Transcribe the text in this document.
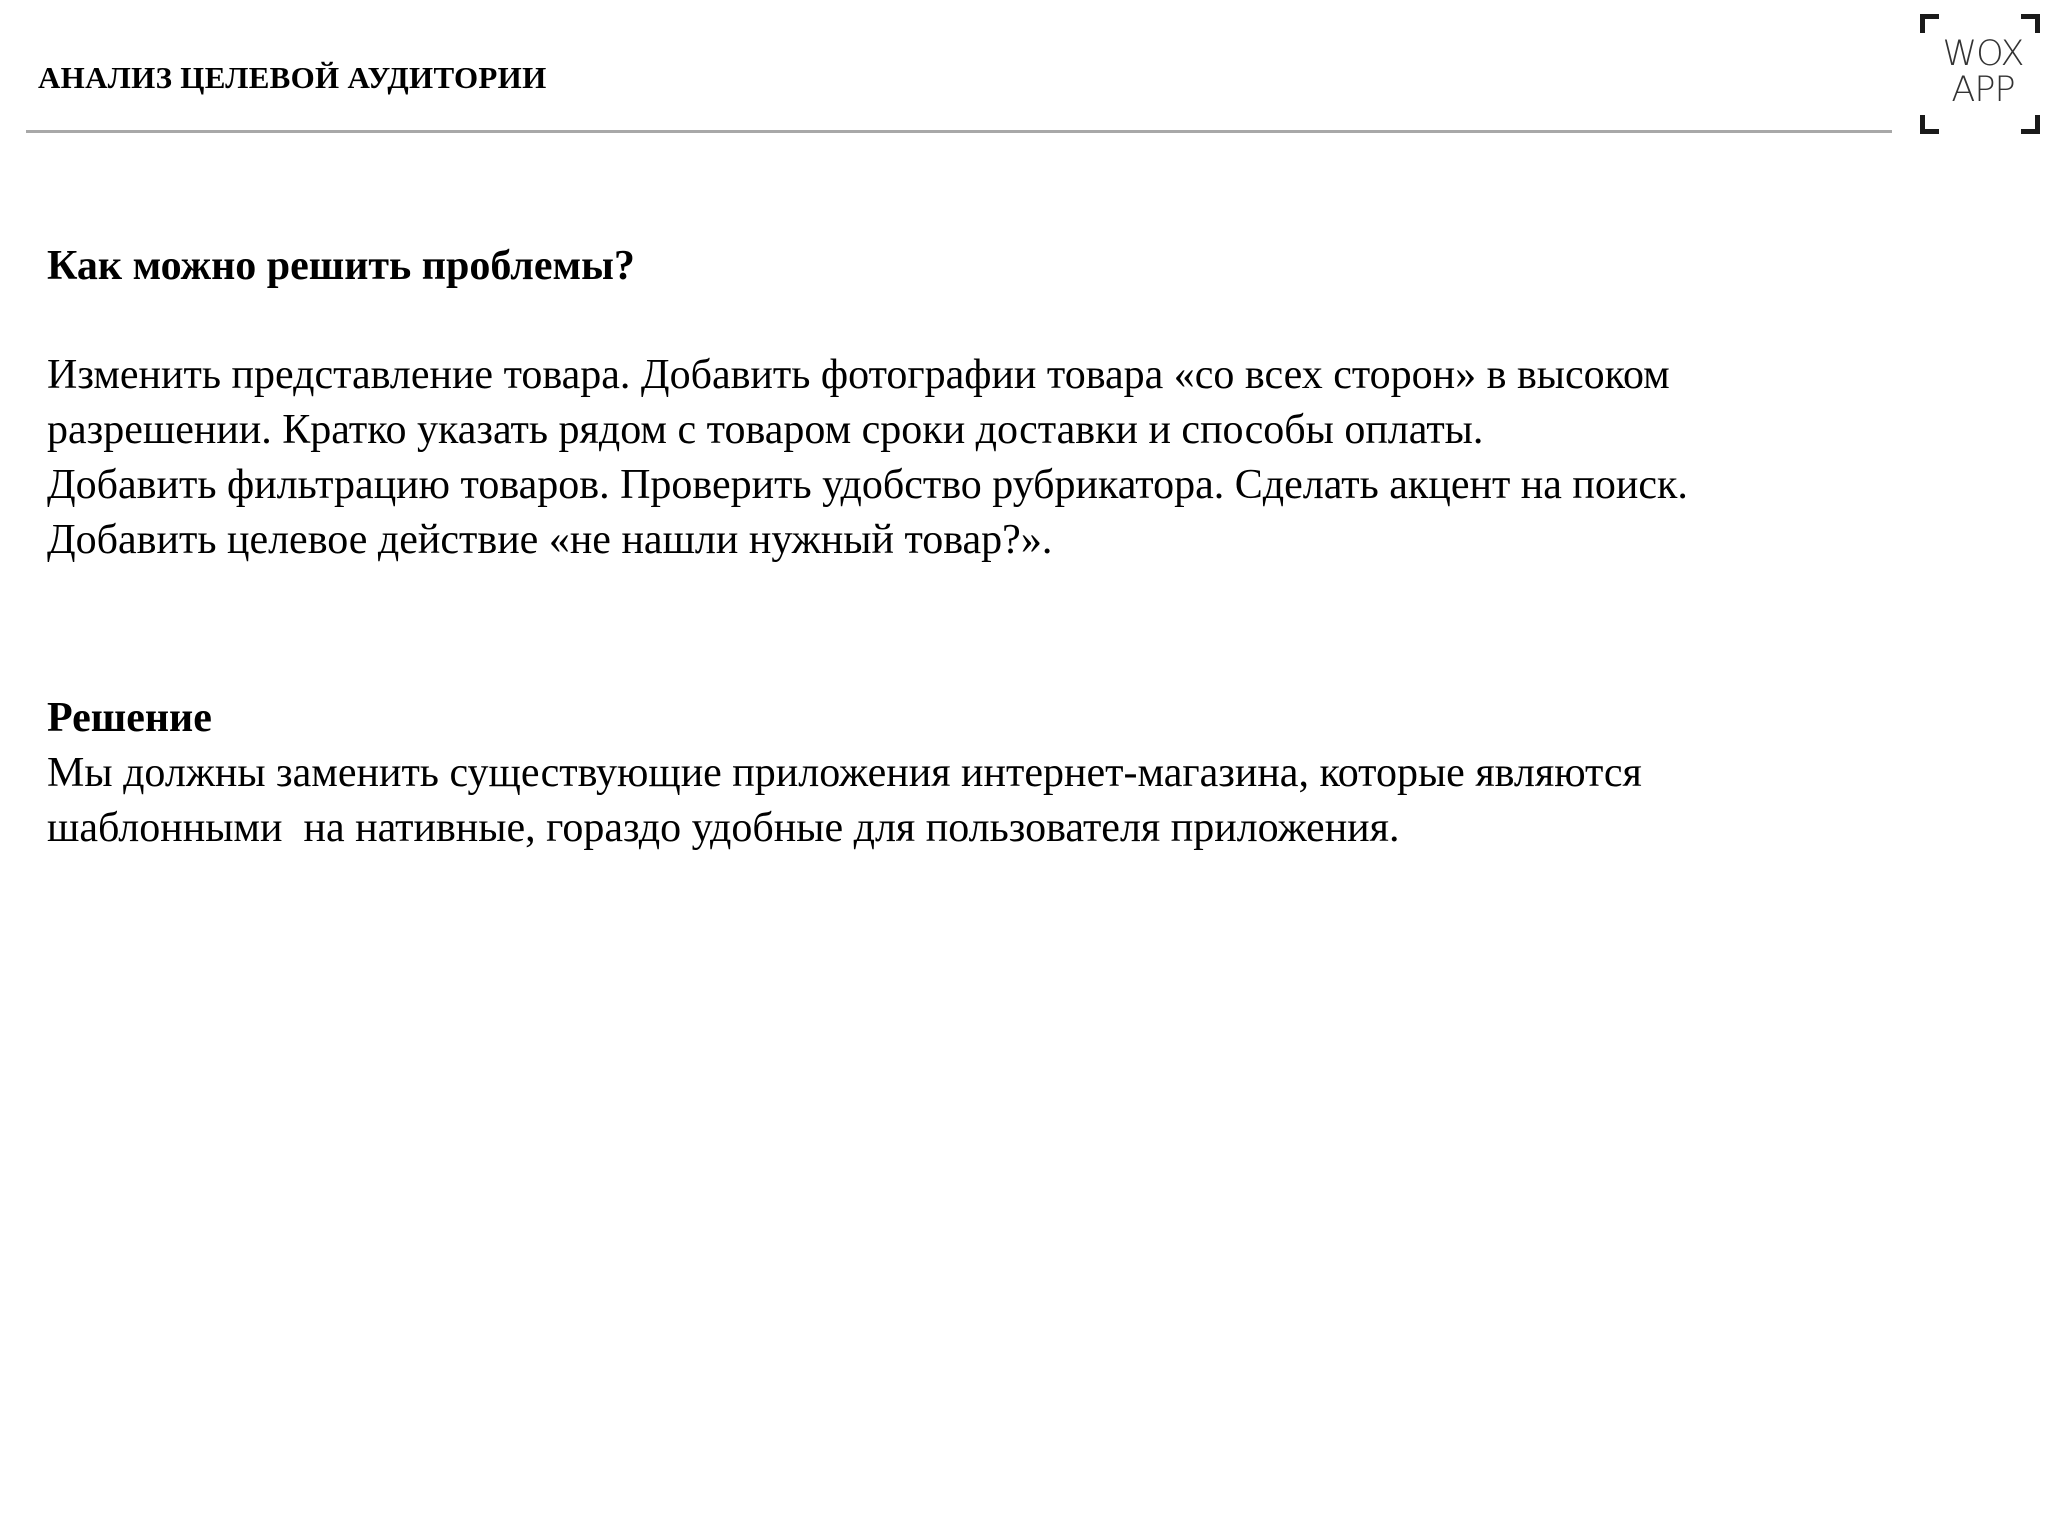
АНАЛИЗ ЦЕЛЕВОЙ АУДИТОРИИ
WOX
APP

Как можно решить проблемы?

Изменить представление товара. Добавить фотографии товара «со всех сторон» в высоком

разрешении. Кратко указать рядом с товаром сроки доставки и способы оплаты.

Добавить фильтрацию товаров. Проверить удобство рубрикатора. Сделать акцент на поиск.

Добавить целевое действие «не нашли нужный товар?».

Решение

Мы должны заменить существующие приложения интернет-магазина, которые являются

шаблонными  на нативные, гораздо удобные для пользователя приложения.
